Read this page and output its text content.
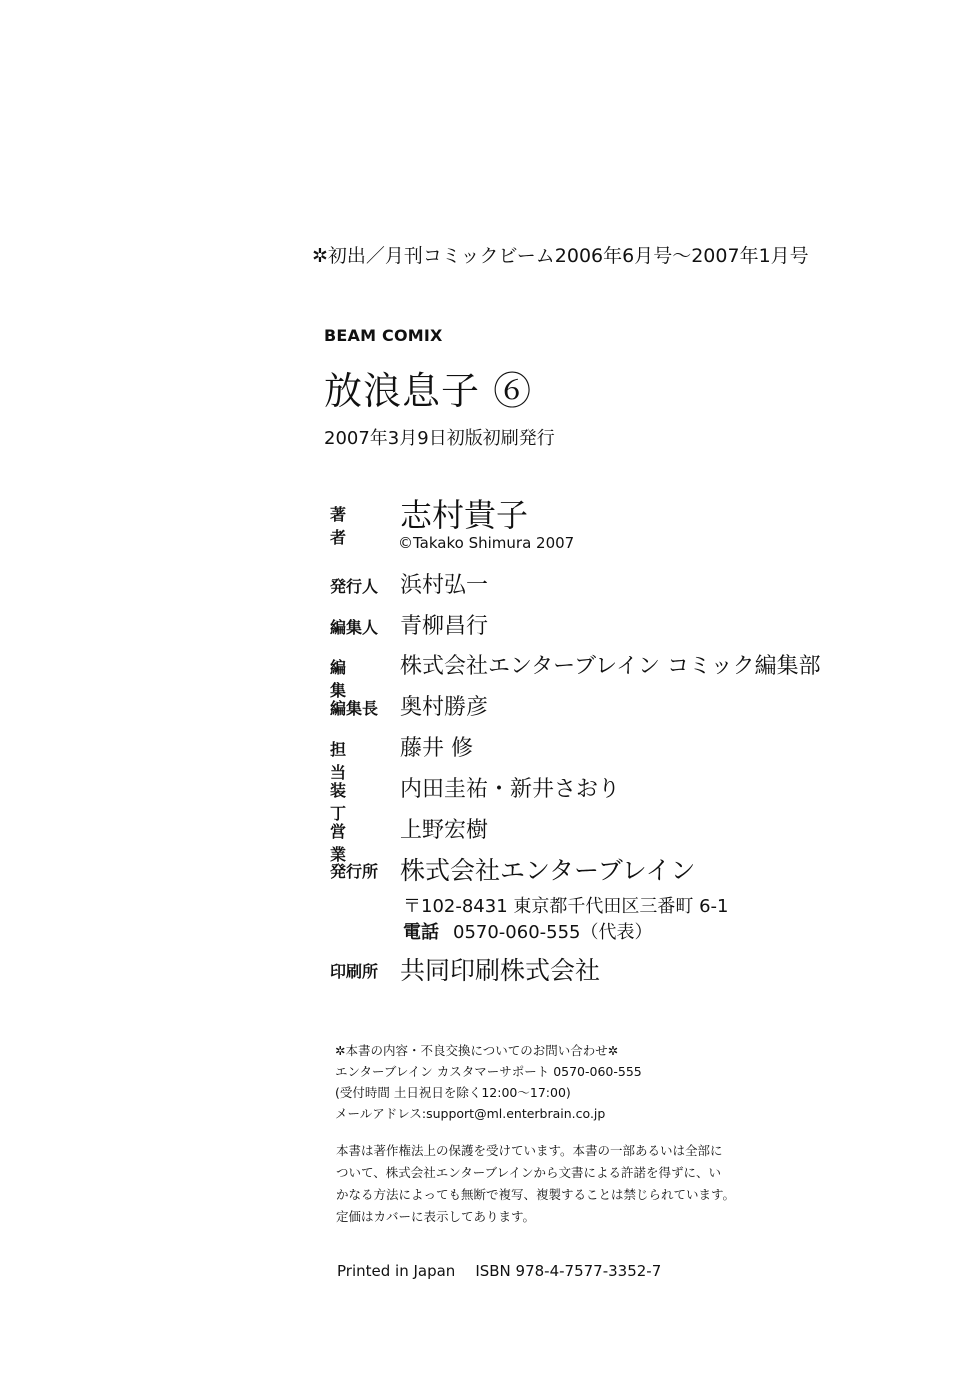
✲初出／月刊コミックビーム2006年6月号～2007年1月号
BEAM COMIX
放浪息子 ⑥
2007年3月9日初版初刷発行
著 者
志村貴子
©Takako Shimura 2007
発行人 浜村弘一
編集人 青柳昌行
編 集
株式会社エンターブレイン コミック編集部
編集長 奥村勝彦
担 当
藤井 修
装 丁
内田圭祐・新井さおり
営 業
上野宏樹
発行所 株式会社エンターブレイン
〒102-8431 東京都千代田区三番町 6-1
電話 0570-060-555（代表）
印刷所 共同印刷株式会社
✲本書の内容・不良交換についてのお問い合わせ✲
エンターブレイン カスタマーサポート 0570-060-555
(受付時間 土日祝日を除く12:00～17:00)
メールアドレス:support@ml.enterbrain.co.jp
本書は著作権法上の保護を受けています。本書の一部あるいは全部に
ついて、株式会社エンターブレインから文書による許諾を得ずに、い
かなる方法によっても無断で複写、複製することは禁じられています。
定価はカバーに表示してあります。
Printed in Japan ISBN 978-4-7577-3352-7
